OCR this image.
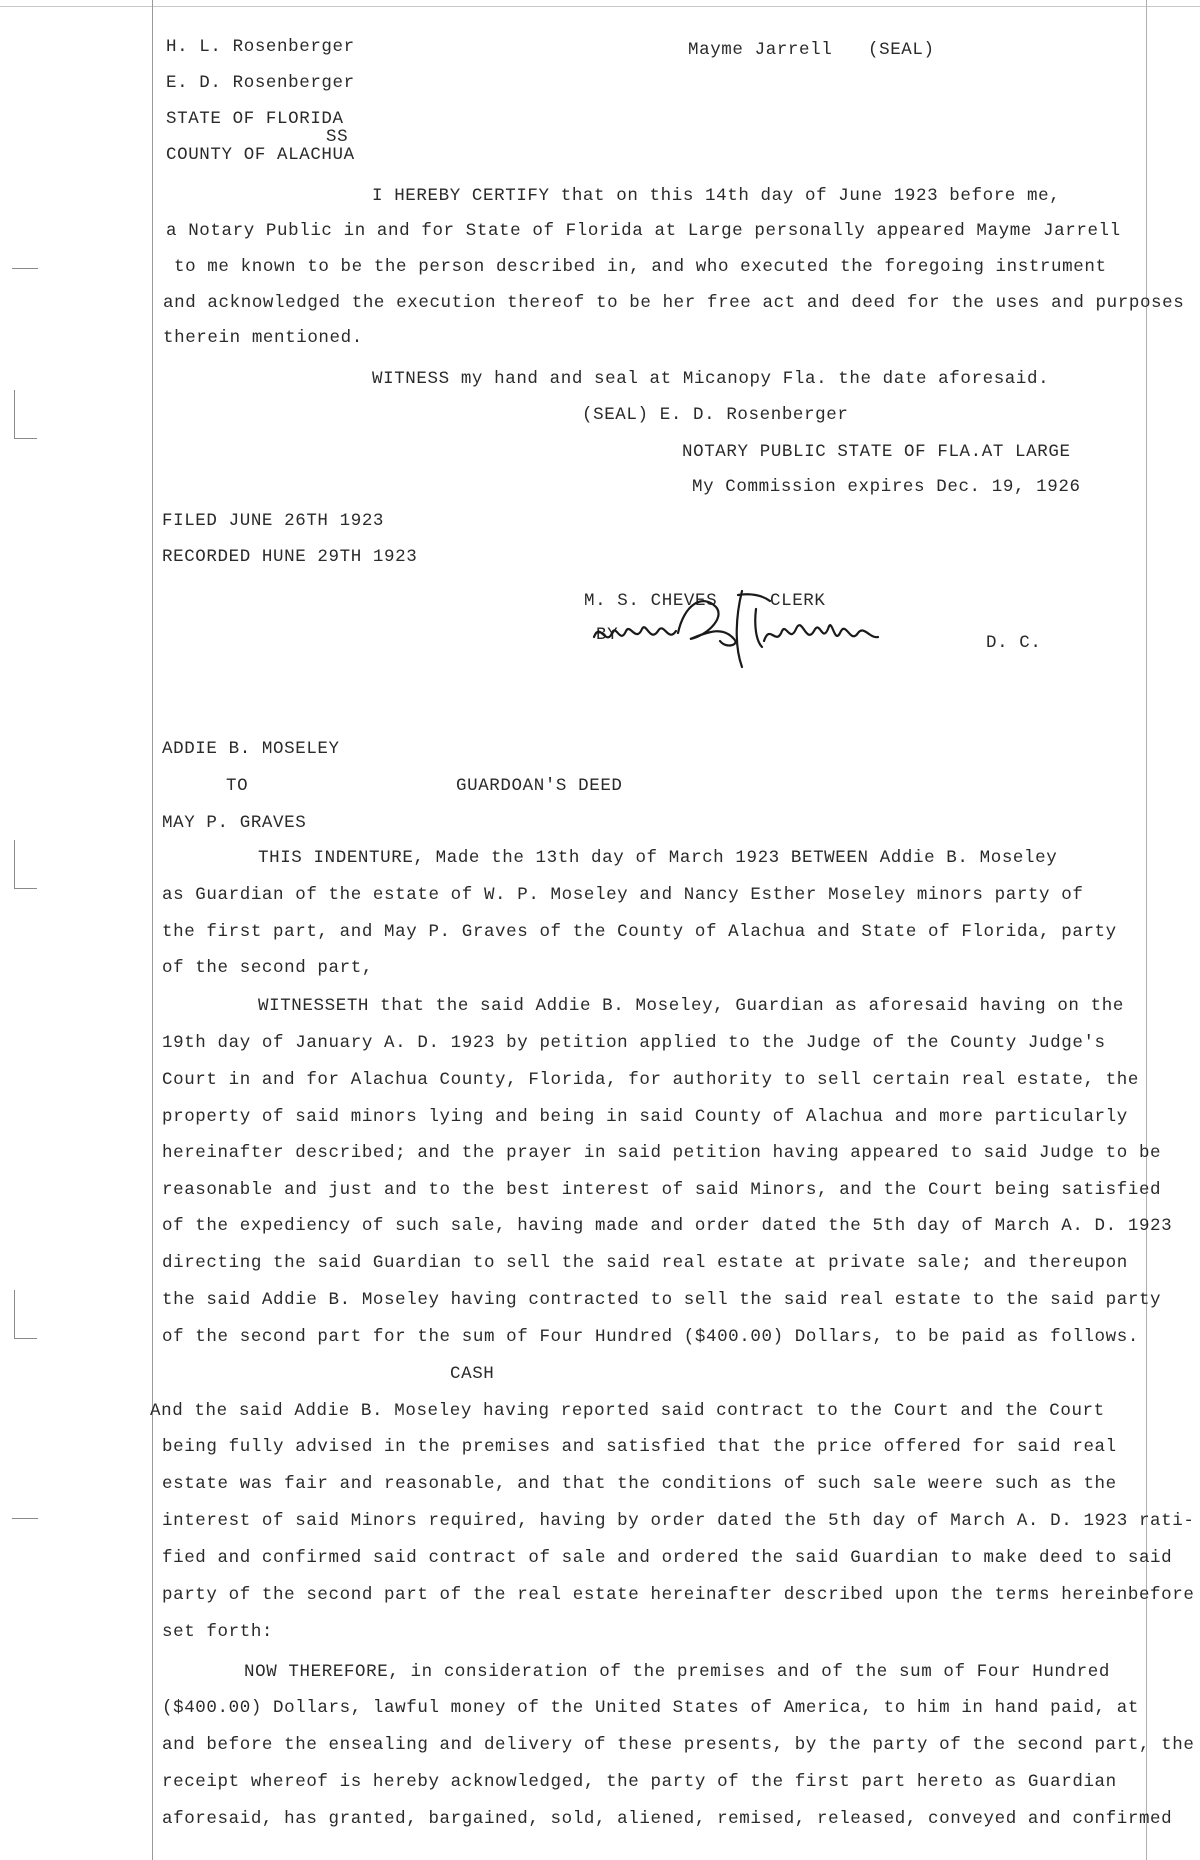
H. L. Rosenberger	Mayme Jarrell (SEAL)
E. D. Rosenberger
STATE OF FLORIDA
SS
COUNTY OF ALACHUA
I HEREBY CERTIFY that on this 14th day of June 1923 before me,
a Notary Public in and for State of Florida at Large personally appeared Mayme Jarrell
to me known to be the person described in, and who executed the foregoing instrument
and acknowledged the execution thereof to be her free act and deed for the uses and purposes
therein mentioned.
WITNESS my hand and seal at Micanopy Fla. the date aforesaid.
(SEAL) E. D. Rosenberger
NOTARY PUBLIC STATE OF FLA.AT LARGE
My Commission expires Dec. 19, 1926
FILED JUNE 26TH 1923
RECORDED HUNE 29TH 1923
M. S. CHEVES	CLERK
BY	D. C.
ADDIE B. MOSELEY
TO	GUARDOAN'S DEED
MAY P. GRAVES
THIS INDENTURE, Made the 13th day of March 1923 BETWEEN Addie B. Moseley
as Guardian of the estate of W. P. Moseley and Nancy Esther Moseley minors party of
the first part, and May P. Graves of the County of Alachua and State of Florida, party
of the second part,
WITNESSETH that the said Addie B. Moseley, Guardian as aforesaid having on the
19th day of January A. D. 1923 by petition applied to the Judge of the County Judge's
Court in and for Alachua County, Florida, for authority to sell certain real estate, the
property of said minors lying and being in said County of Alachua and more particularly
hereinafter described; and the prayer in said petition having appeared to said Judge to be
reasonable and just and to the best interest of said Minors, and the Court being satisfied
of the expediency of such sale, having made and order dated the 5th day of March A. D. 1923
directing the said Guardian to sell the said real estate at private sale; and thereupon
the said Addie B. Moseley having contracted to sell the said real estate to the said party
of the second part for the sum of Four Hundred ($400.00) Dollars, to be paid as follows.
CASH
And the said Addie B. Moseley having reported said contract to the Court and the Court
being fully advised in the premises and satisfied that the price offered for said real
estate was fair and reasonable, and that the conditions of such sale weere such as the
interest of said Minors required, having by order dated the 5th day of March A. D. 1923 rati-
fied and confirmed said contract of sale and ordered the said Guardian to make deed to said
party of the second part of the real estate hereinafter described upon the terms hereinbefore
set forth:
NOW THEREFORE, in consideration of the premises and of the sum of Four Hundred
($400.00) Dollars, lawful money of the United States of America, to him in hand paid, at
and before the ensealing and delivery of these presents, by the party of the second part, the
receipt whereof is hereby acknowledged, the party of the first part hereto as Guardian
aforesaid, has granted, bargained, sold, aliened, remised, released, conveyed and confirmed
